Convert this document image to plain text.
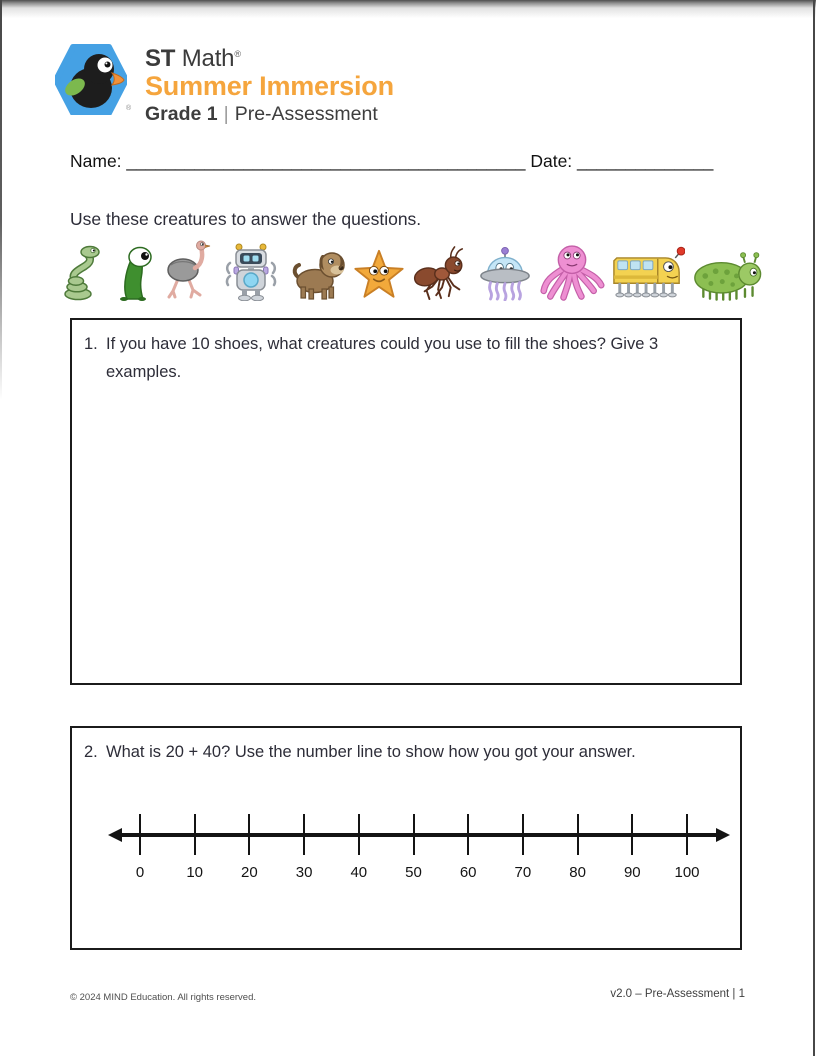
®
ST Math®
Summer Immersion
Grade 1 | Pre-Assessment
Name: _________________________________________ Date: ______________
Use these creatures to answer the questions.
1. If you have 10 shoes, what creatures could you use to fill the shoes? Give 3 examples.
2. What is 20 + 40? Use the number line to show how you got your answer.
0	10	20	30	40	50	60	70	80	90 100
© 2024 MIND Education. All rights reserved.	v2.0 – Pre-Assessment | 1
